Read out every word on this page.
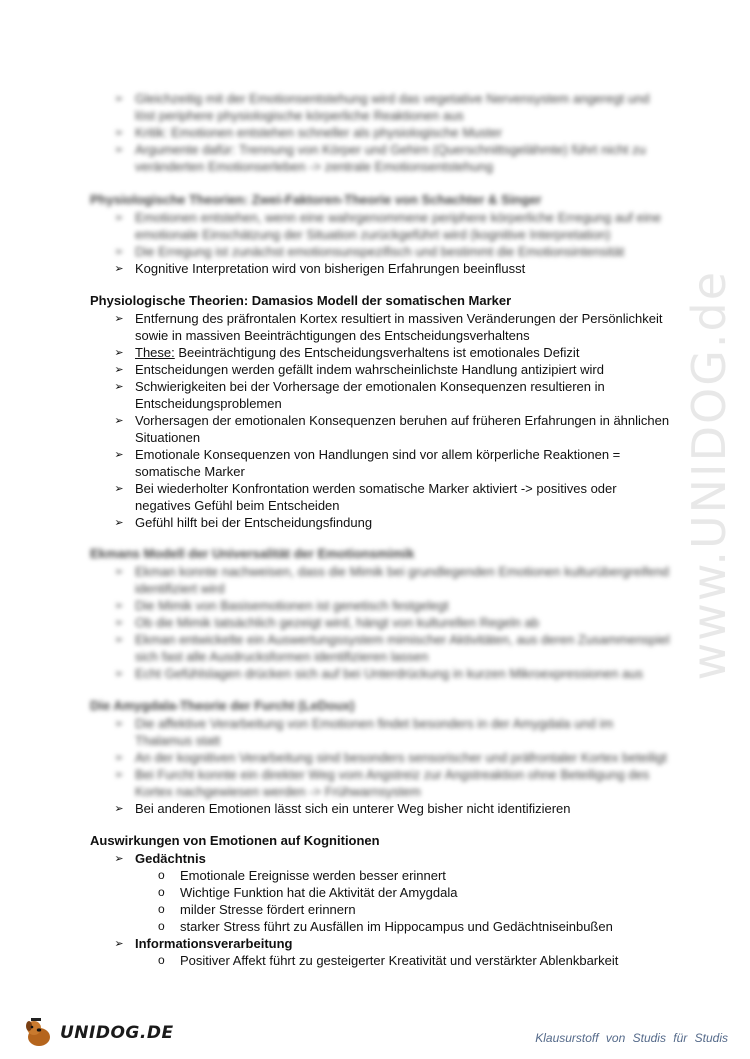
www.UNIDOG.de
➢ Gleichzeitig mit der Emotionsentstehung wird das vegetative Nervensystem angeregt und löst periphere physiologische körperliche Reaktionen aus
➢ Kritik: Emotionen entstehen schneller als physiologische Muster
➢ Argumente dafür: Trennung von Körper und Gehirn (Querschnittsgelähmte) führt nicht zu veränderten Emotionserleben -> zentrale Emotionsentstehung
Physiologische Theorien: Zwei-Faktoren-Theorie von Schachter & Singer
➢ Emotionen entstehen, wenn eine wahrgenommene periphere körperliche Erregung auf eine emotionale Einschätzung der Situation zurückgeführt wird (kognitive Interpretation)
➢ Die Erregung ist zunächst emotionsunspezifisch und bestimmt die Emotionsintensität
➢ Kognitive Interpretation wird von bisherigen Erfahrungen beeinflusst
Physiologische Theorien: Damasios Modell der somatischen Marker
➢ Entfernung des präfrontalen Kortex resultiert in massiven Veränderungen der Persönlichkeit sowie in massiven Beeinträchtigungen des Entscheidungsverhaltens
➢ These: Beeinträchtigung des Entscheidungsverhaltens ist emotionales Defizit
➢ Entscheidungen werden gefällt indem wahrscheinlichste Handlung antizipiert wird
➢ Schwierigkeiten bei der Vorhersage der emotionalen Konsequenzen resultieren in Entscheidungsproblemen
➢ Vorhersagen der emotionalen Konsequenzen beruhen auf früheren Erfahrungen in ähnlichen Situationen
➢ Emotionale Konsequenzen von Handlungen sind vor allem körperliche Reaktionen = somatische Marker
➢ Bei wiederholter Konfrontation werden somatische Marker aktiviert -> positives oder negatives Gefühl beim Entscheiden
➢ Gefühl hilft bei der Entscheidungsfindung
Ekmans Modell der Universalität der Emotionsmimik
➢ Ekman konnte nachweisen, dass die Mimik bei grundlegenden Emotionen kulturübergreifend identifiziert wird
➢ Die Mimik von Basisemotionen ist genetisch festgelegt
➢ Ob die Mimik tatsächlich gezeigt wird, hängt von kulturellen Regeln ab
➢ Ekman entwickelte ein Auswertungssystem mimischer Aktivitäten, aus deren Zusammenspiel sich fast alle Ausdrucksformen identifizieren lassen
➢ Echt Gefühlslagen drücken sich auf bei Unterdrückung in kurzen Mikroexpressionen aus
Die Amygdala-Theorie der Furcht (LeDoux)
➢ Die affektive Verarbeitung von Emotionen findet besonders in der Amygdala und im Thalamus statt
➢ An der kognitiven Verarbeitung sind besonders sensorischer und präfrontaler Kortex beteiligt
➢ Bei Furcht konnte ein direkter Weg vom Angstreiz zur Angstreaktion ohne Beteiligung des Kortex nachgewiesen werden -> Frühwarnsystem
➢ Bei anderen Emotionen lässt sich ein unterer Weg bisher nicht identifizieren
Auswirkungen von Emotionen auf Kognitionen
➢ Gedächtnis
o Emotionale Ereignisse werden besser erinnert
o Wichtige Funktion hat die Aktivität der Amygdala
o milder Stresse fördert erinnern
o starker Stress führt zu Ausfällen im Hippocampus und Gedächtniseinbußen
➢ Informationsverarbeitung
o Positiver Affekt führt zu gesteigerter Kreativität und verstärkter Ablenkbarkeit
UNIDOG.DE	Klausurstoff von Studis für Studis
